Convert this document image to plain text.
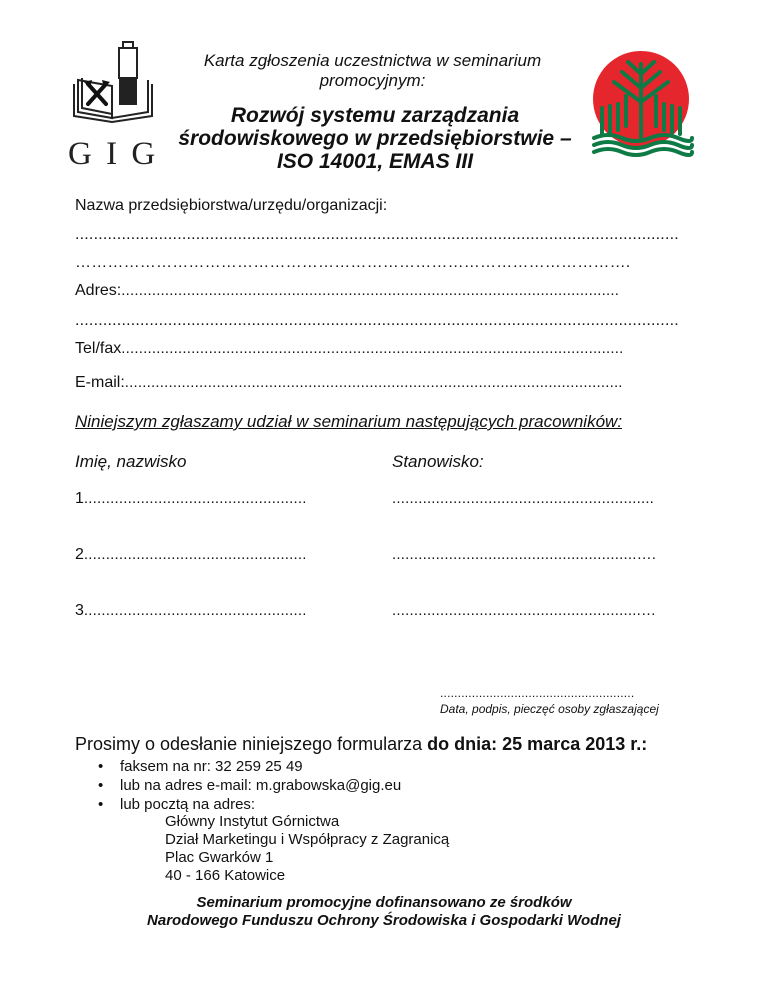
G I G
Karta zgłoszenia uczestnictwa w seminarium promocyjnym:
Rozwój systemu zarządzania
środowiskowego w przedsiębiorstwie –
ISO 14001, EMAS III
Nazwa przedsiębiorstwa/urzędu/organizacji:
..................................................................................................................................
………………………………………………………………………………………….
Adres:..................................................................................................................
..................................................................................................................................
Tel/fax...................................................................................................................
E-mail:..................................................................................................................
Niniejszym zgłaszamy udział w seminarium następujących pracowników:
Imię, nazwisko	Stanowisko:
1...................................................	............................................................
2...................................................	........................................................….
3...................................................	.........................................................…
.......................................................
Data, podpis, pieczęć osoby zgłaszającej
Prosimy o odesłanie niniejszego formularza do dnia: 25 marca 2013 r.:
• faksem na nr: 32 259 25 49
• lub na adres e-mail: m.grabowska@gig.eu
• lub pocztą na adres:
Główny Instytut Górnictwa
Dział Marketingu i Współpracy z Zagranicą
Plac Gwarków 1
40 - 166 Katowice
Seminarium promocyjne dofinansowano ze środków
Narodowego Funduszu Ochrony Środowiska i Gospodarki Wodnej
